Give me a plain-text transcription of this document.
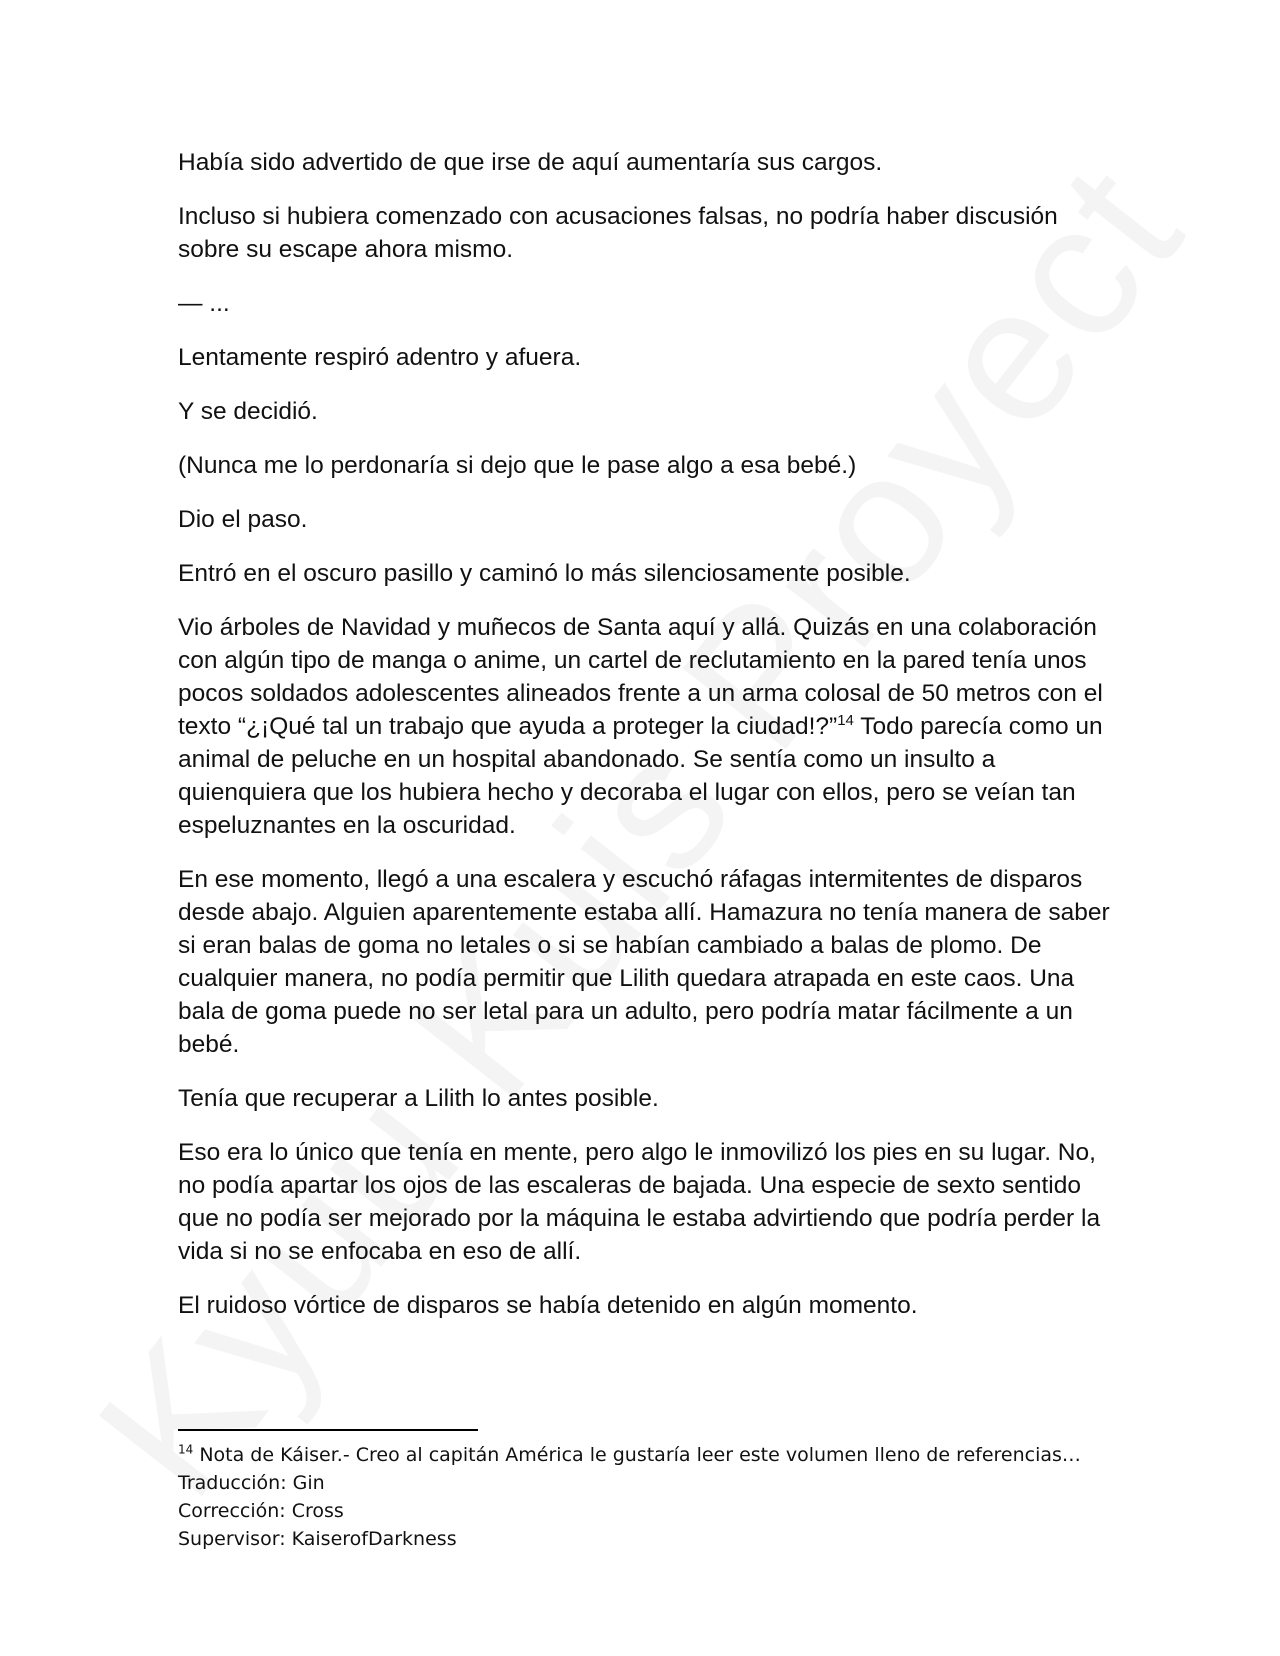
Había sido advertido de que irse de aquí aumentaría sus cargos.

Incluso si hubiera comenzado con acusaciones falsas, no podría haber discusión sobre su escape ahora mismo.

— ...

Lentamente respiró adentro y afuera.

Y se decidió.

(Nunca me lo perdonaría si dejo que le pase algo a esa bebé.)

Dio el paso.

Entró en el oscuro pasillo y caminó lo más silenciosamente posible.

Vio árboles de Navidad y muñecos de Santa aquí y allá. Quizás en una colaboración con algún tipo de manga o anime, un cartel de reclutamiento en la pared tenía unos pocos soldados adolescentes alineados frente a un arma colosal de 50 metros con el texto “¿¡Qué tal un trabajo que ayuda a proteger la ciudad!?”$^{14}$ Todo parecía como un animal de peluche en un hospital abandonado. Se sentía como un insulto a quienquiera que los hubiera hecho y decoraba el lugar con ellos, pero se veían tan espeluznantes en la oscuridad.

En ese momento, llegó a una escalera y escuchó ráfagas intermitentes de disparos desde abajo. Alguien aparentemente estaba allí. Hamazura no tenía manera de saber si eran balas de goma no letales o si se habían cambiado a balas de plomo. De cualquier manera, no podía permitir que Lilith quedara atrapada en este caos. Una bala de goma puede no ser letal para un adulto, pero podría matar fácilmente a un bebé.

Tenía que recuperar a Lilith lo antes posible.

Eso era lo único que tenía en mente, pero algo le inmovilizó los pies en su lugar. No, no podía apartar los ojos de las escaleras de bajada. Una especie de sexto sentido que no podía ser mejorado por la máquina le estaba advirtiendo que podría perder la vida si no se enfocaba en eso de allí.

El ruidoso vórtice de disparos se había detenido en algún momento.

$^{14}$ Nota de Káiser.- Creo al capitán América le gustaría leer este volumen lleno de referencias…
Traducción: Gin
Corrección: Cross
Supervisor: KaiserofDarkness
